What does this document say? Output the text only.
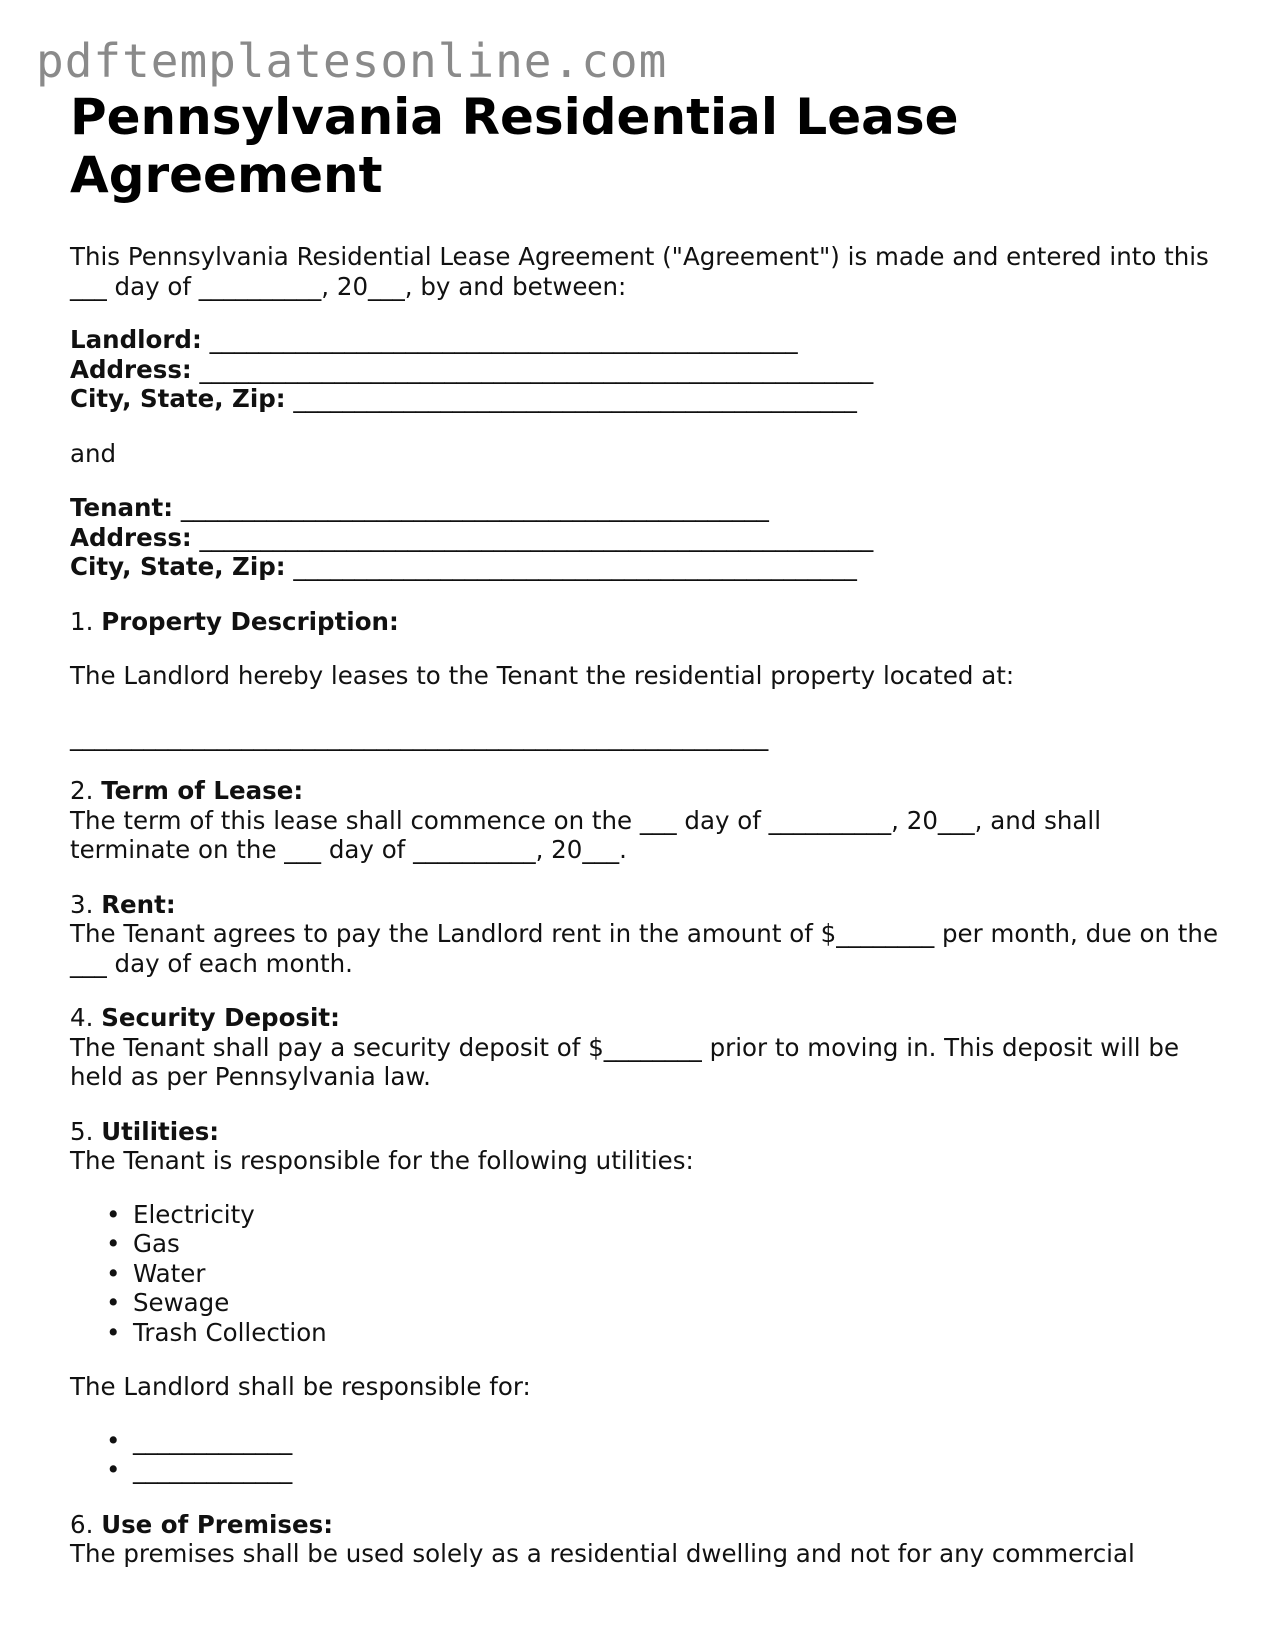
pdftemplatesonline.com

Pennsylvania Residential Lease Agreement

This Pennsylvania Residential Lease Agreement ("Agreement") is made and entered into this ___ day of __________, 20___, by and between:

Landlord: ________________________________________________
Address: _______________________________________________________
City, State, Zip: ______________________________________________

and

Tenant: ________________________________________________
Address: _______________________________________________________
City, State, Zip: ______________________________________________
1. Property Description:

The Landlord hereby leases to the Tenant the residential property located at:

_________________________________________________________
2. Term of Lease:

The term of this lease shall commence on the ___ day of __________, 20___, and shall terminate on the ___ day of __________, 20___.

3. Rent:

The Tenant agrees to pay the Landlord rent in the amount of $________ per month, due on the ___ day of each month.

4. Security Deposit:

The Tenant shall pay a security deposit of $________ prior to moving in. This deposit will be held as per Pennsylvania law.

5. Utilities:

The Tenant is responsible for the following utilities:

• Electricity
• Gas
• Water
• Sewage
• Trash Collection

The Landlord shall be responsible for:

• _____________
• _____________
6. Use of Premises:

The premises shall be used solely as a residential dwelling and not for any commercial
